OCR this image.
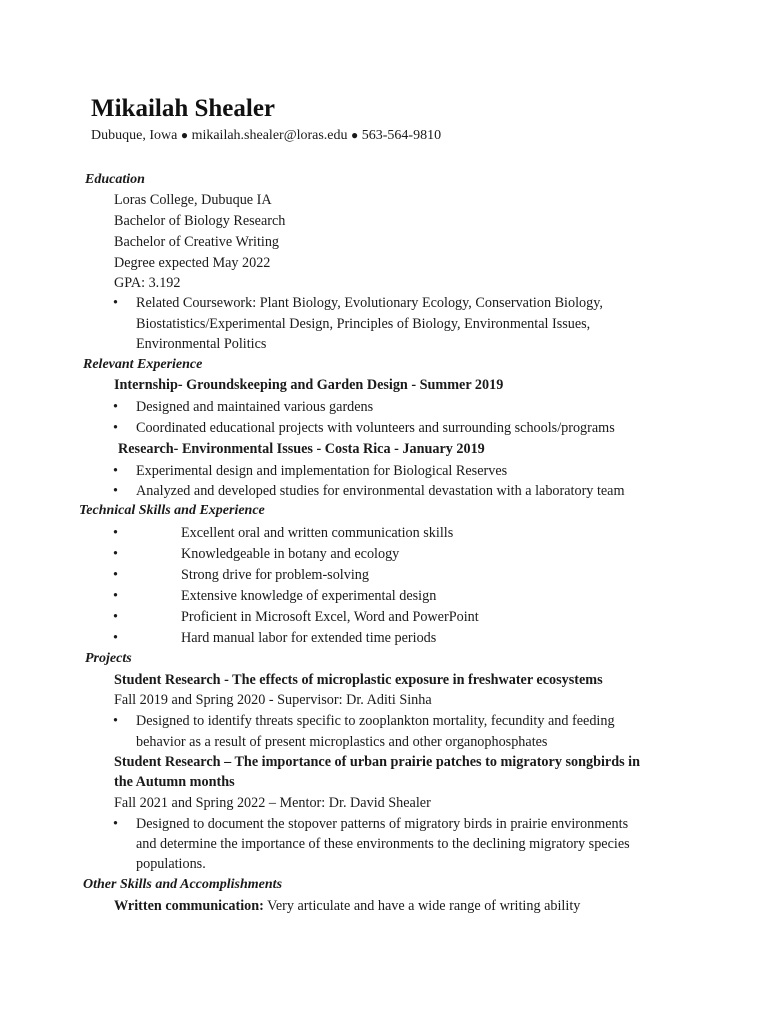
Mikailah Shealer
Dubuque, Iowa ● mikailah.shealer@loras.edu ● 563-564-9810
Education
Loras College, Dubuque IA
Bachelor of Biology Research
Bachelor of Creative Writing
Degree expected May 2022
GPA: 3.192
• Related Coursework: Plant Biology, Evolutionary Ecology, Conservation Biology,
Biostatistics/Experimental Design, Principles of Biology, Environmental Issues,
Environmental Politics
Relevant Experience
Internship- Groundskeeping and Garden Design - Summer 2019
• Designed and maintained various gardens
• Coordinated educational projects with volunteers and surrounding schools/programs
Research- Environmental Issues - Costa Rica - January 2019
• Experimental design and implementation for Biological Reserves
• Analyzed and developed studies for environmental devastation with a laboratory team
Technical Skills and Experience
•	Excellent oral and written communication skills
•	Knowledgeable in botany and ecology
•	Strong drive for problem-solving
•	Extensive knowledge of experimental design
•	Proficient in Microsoft Excel, Word and PowerPoint
•	Hard manual labor for extended time periods
Projects
Student Research - The effects of microplastic exposure in freshwater ecosystems
Fall 2019 and Spring 2020 - Supervisor: Dr. Aditi Sinha
• Designed to identify threats specific to zooplankton mortality, fecundity and feeding
behavior as a result of present microplastics and other organophosphates
Student Research – The importance of urban prairie patches to migratory songbirds in
the Autumn months
Fall 2021 and Spring 2022 – Mentor: Dr. David Shealer
• Designed to document the stopover patterns of migratory birds in prairie environments
and determine the importance of these environments to the declining migratory species
populations.
Other Skills and Accomplishments
Written communication: Very articulate and have a wide range of writing ability
